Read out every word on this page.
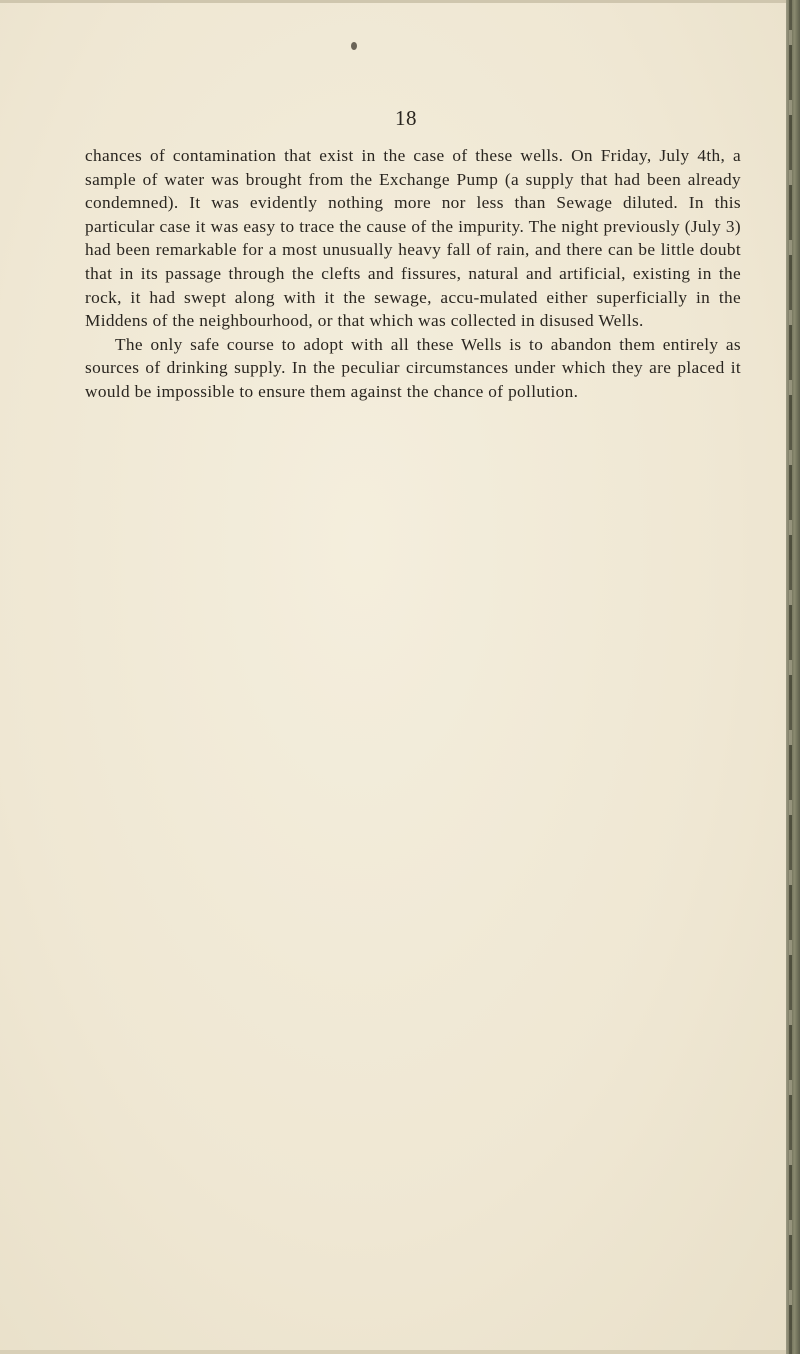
18

chances of contamination that exist in the case of these wells. On Friday, July 4th, a sample of water was brought from the Exchange Pump (a supply that had been already condemned). It was evidently nothing more nor less than Sewage diluted. In this particular case it was easy to trace the cause of the impurity. The night previously (July 3) had been remarkable for a most unusually heavy fall of rain, and there can be little doubt that in its passage through the clefts and fissures, natural and artificial, existing in the rock, it had swept along with it the sewage, accu-mulated either superficially in the Middens of the neighbourhood, or that which was collected in disused Wells.

The only safe course to adopt with all these Wells is to abandon them entirely as sources of drinking supply. In the peculiar circumstances under which they are placed it would be impossible to ensure them against the chance of pollution.
